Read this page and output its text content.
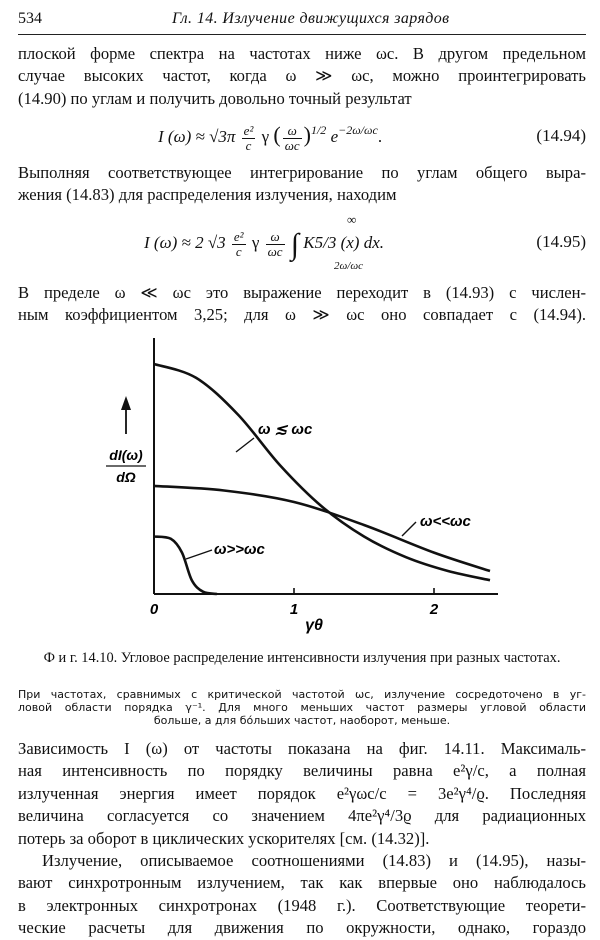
534	Гл. 14. Излучение движущихся зарядов
плоской форме спектра на частотах ниже ωc. В другом предельном
случае высоких частот, когда ω ≫ ωc, можно проинтегрировать
(14.90) по углам и получить довольно точный результат
I $(\omega) \approx √3\pi \frac{\text{e²}}{c}$ γ ( $\frac{\omega}{\omega c} )^{1/2}$ $e^{-2\omega/\omega c}$.	(14.94)
Выполняя соответствующее интегрирование по углам общего выра-
жения (14.83) для распределения излучения, находим
I (ω) ≈ 2 $√3 \frac{\text{e²}}{c}$ γ $\frac{\omega}{\omega c}$ ∫ K5/3 (x) dx.
∞
2ω/ωc
(14.95)
В пределе ω ≪ ωc это выражение переходит в (14.93) с числен-
ным коэффициентом 3,25; для ω ≫ ωc оно совпадает с (14.94).
dI(ω)
dΩ
0	1	2
ω ≲ ωc
ω<<ωc
ω>>ωc
γθ
Ф и г. 14.10. Угловое распределение интенсивности излучения при разных частотах.
При частотах, сравнимых с критической частотой ωc, излучение сосредоточено в уг-
ловой области порядка γ⁻¹. Для много меньших частот размеры угловой области
больше, а для бо́льших частот, наоборот, меньше.
Зависимость I (ω) от частоты показана на фиг. 14.11. Максималь-
ная интенсивность по порядку величины равна e²γ/c, а полная
излученная энергия имеет порядок e²γωc/c = 3e²γ⁴/ϱ. Последняя
величина согласуется со значением 4πe²γ⁴/3ϱ для радиационных
потерь за оборот в циклических ускорителях [см. (14.32)].
Излучение, описываемое соотношениями (14.83) и (14.95), назы-
вают синхротронным излучением, так как впервые оно наблюдалось
в электронных синхротронах (1948 г.). Соответствующие теорети-
ческие расчеты для движения по окружности, однако, гораздо
